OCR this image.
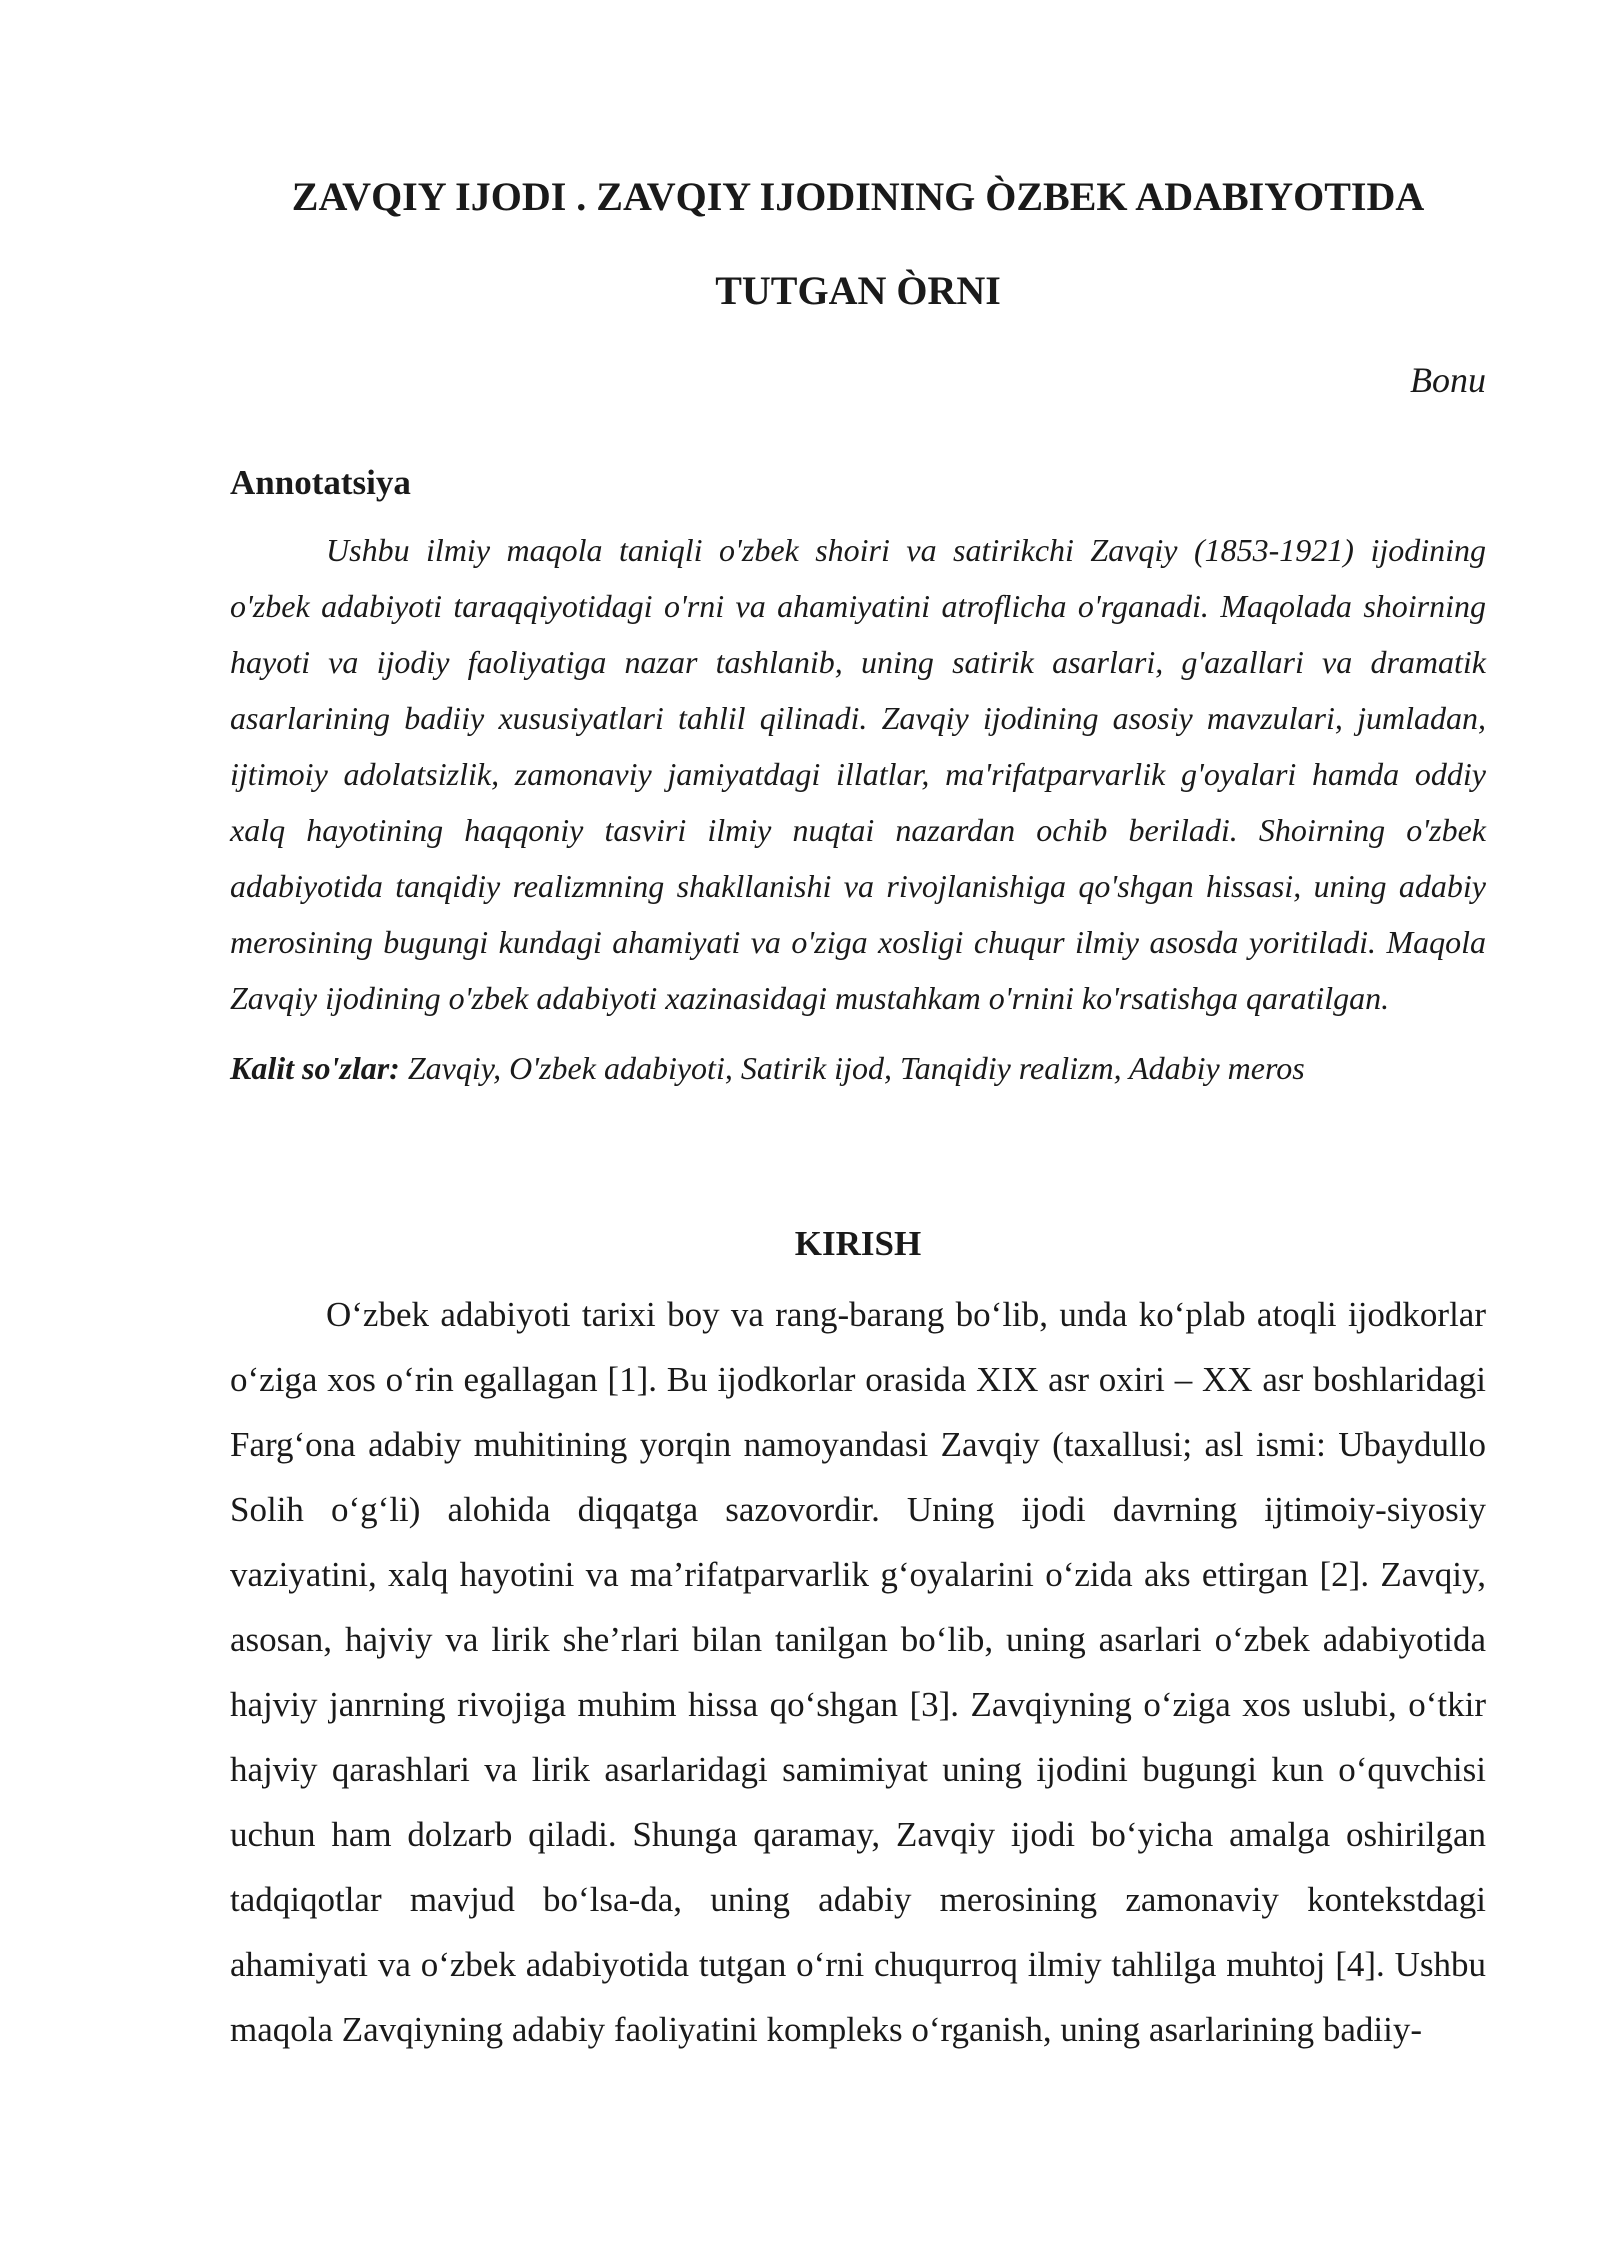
ZAVQIY IJODI . ZAVQIY IJODINING ÒZBEK ADABIYOTIDA TUTGAN ÒRNI
Bonu
Annotatsiya

Ushbu ilmiy maqola taniqli o'zbek shoiri va satirikchi Zavqiy (1853-1921) ijodining o'zbek adabiyoti taraqqiyotidagi o'rni va ahamiyatini atroflicha o'rganadi. Maqolada shoirning hayoti va ijodiy faoliyatiga nazar tashlanib, uning satirik asarlari, g'azallari va dramatik asarlarining badiiy xususiyatlari tahlil qilinadi. Zavqiy ijodining asosiy mavzulari, jumladan, ijtimoiy adolatsizlik, zamonaviy jamiyatdagi illatlar, ma'rifatparvarlik g'oyalari hamda oddiy xalq hayotining haqqoniy tasviri ilmiy nuqtai nazardan ochib beriladi. Shoirning o'zbek adabiyotida tanqidiy realizmning shakllanishi va rivojlanishiga qo'shgan hissasi, uning adabiy merosining bugungi kundagi ahamiyati va o'ziga xosligi chuqur ilmiy asosda yoritiladi. Maqola Zavqiy ijodining o'zbek adabiyoti xazinasidagi mustahkam o'rnini ko'rsatishga qaratilgan.

Kalit so'zlar: Zavqiy, O'zbek adabiyoti, Satirik ijod, Tanqidiy realizm, Adabiy meros
KIRISH

O‘zbek adabiyoti tarixi boy va rang-barang bo‘lib, unda ko‘plab atoqli ijodkorlar o‘ziga xos o‘rin egallagan [1]. Bu ijodkorlar orasida XIX asr oxiri – XX asr boshlaridagi Farg‘ona adabiy muhitining yorqin namoyandasi Zavqiy (taxallusi; asl ismi: Ubaydullo Solih o‘g‘li) alohida diqqatga sazovordir. Uning ijodi davrning ijtimoiy-siyosiy vaziyatini, xalq hayotini va ma’rifatparvarlik g‘oyalarini o‘zida aks ettirgan [2]. Zavqiy, asosan, hajviy va lirik she’rlari bilan tanilgan bo‘lib, uning asarlari o‘zbek adabiyotida hajviy janrning rivojiga muhim hissa qo‘shgan [3]. Zavqiyning o‘ziga xos uslubi, o‘tkir hajviy qarashlari va lirik asarlaridagi samimiyat uning ijodini bugungi kun o‘quvchisi uchun ham dolzarb qiladi. Shunga qaramay, Zavqiy ijodi bo‘yicha amalga oshirilgan tadqiqotlar mavjud bo‘lsa-da, uning adabiy merosining zamonaviy kontekstdagi ahamiyati va o‘zbek adabiyotida tutgan o‘rni chuqurroq ilmiy tahlilga muhtoj [4]. Ushbu maqola Zavqiyning adabiy faoliyatini kompleks o‘rganish, uning asarlarining badiiy-
